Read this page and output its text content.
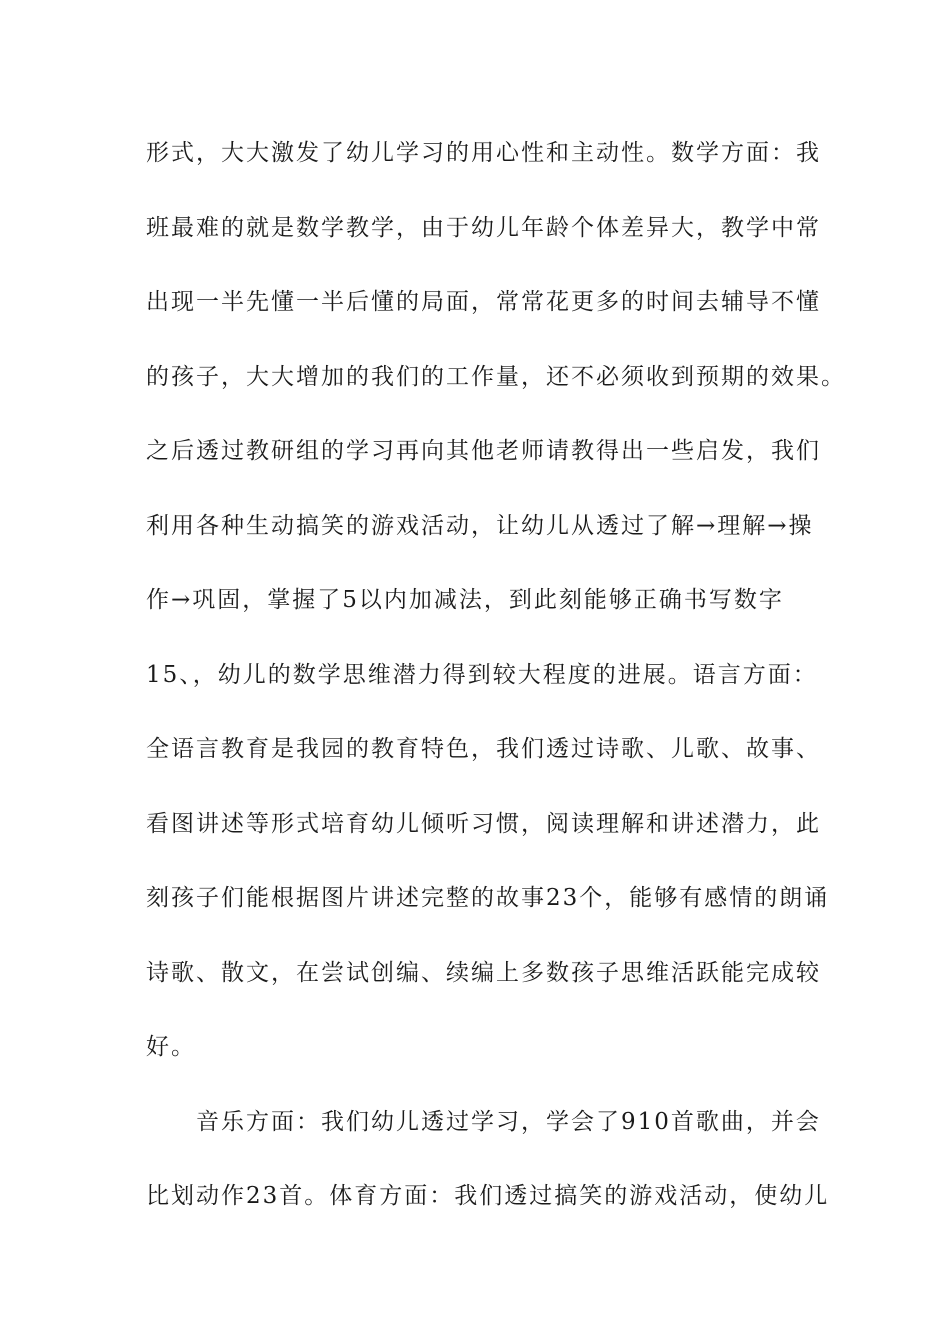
形式，大大激发了幼儿学习的用心性和主动性。数学方面：我
班最难的就是数学教学，由于幼儿年龄个体差异大，教学中常
出现一半先懂一半后懂的局面，常常花更多的时间去辅导不懂
的孩子，大大增加的我们的工作量，还不必须收到预期的效果。
之后透过教研组的学习再向其他老师请教得出一些启发，我们
利用各种生动搞笑的游戏活动，让幼儿从透过了解→理解→操
作→巩固，掌握了5以内加减法，到此刻能够正确书写数字
15、，幼儿的数学思维潜力得到较大程度的进展。语言方面：
全语言教育是我园的教育特色，我们透过诗歌、儿歌、故事、
看图讲述等形式培育幼儿倾听习惯，阅读理解和讲述潜力，此
刻孩子们能根据图片讲述完整的故事23个，能够有感情的朗诵
诗歌、散文，在尝试创编、续编上多数孩子思维活跃能完成较
好。
音乐方面：我们幼儿透过学习，学会了910首歌曲，并会
比划动作23首。体育方面：我们透过搞笑的游戏活动，使幼儿
